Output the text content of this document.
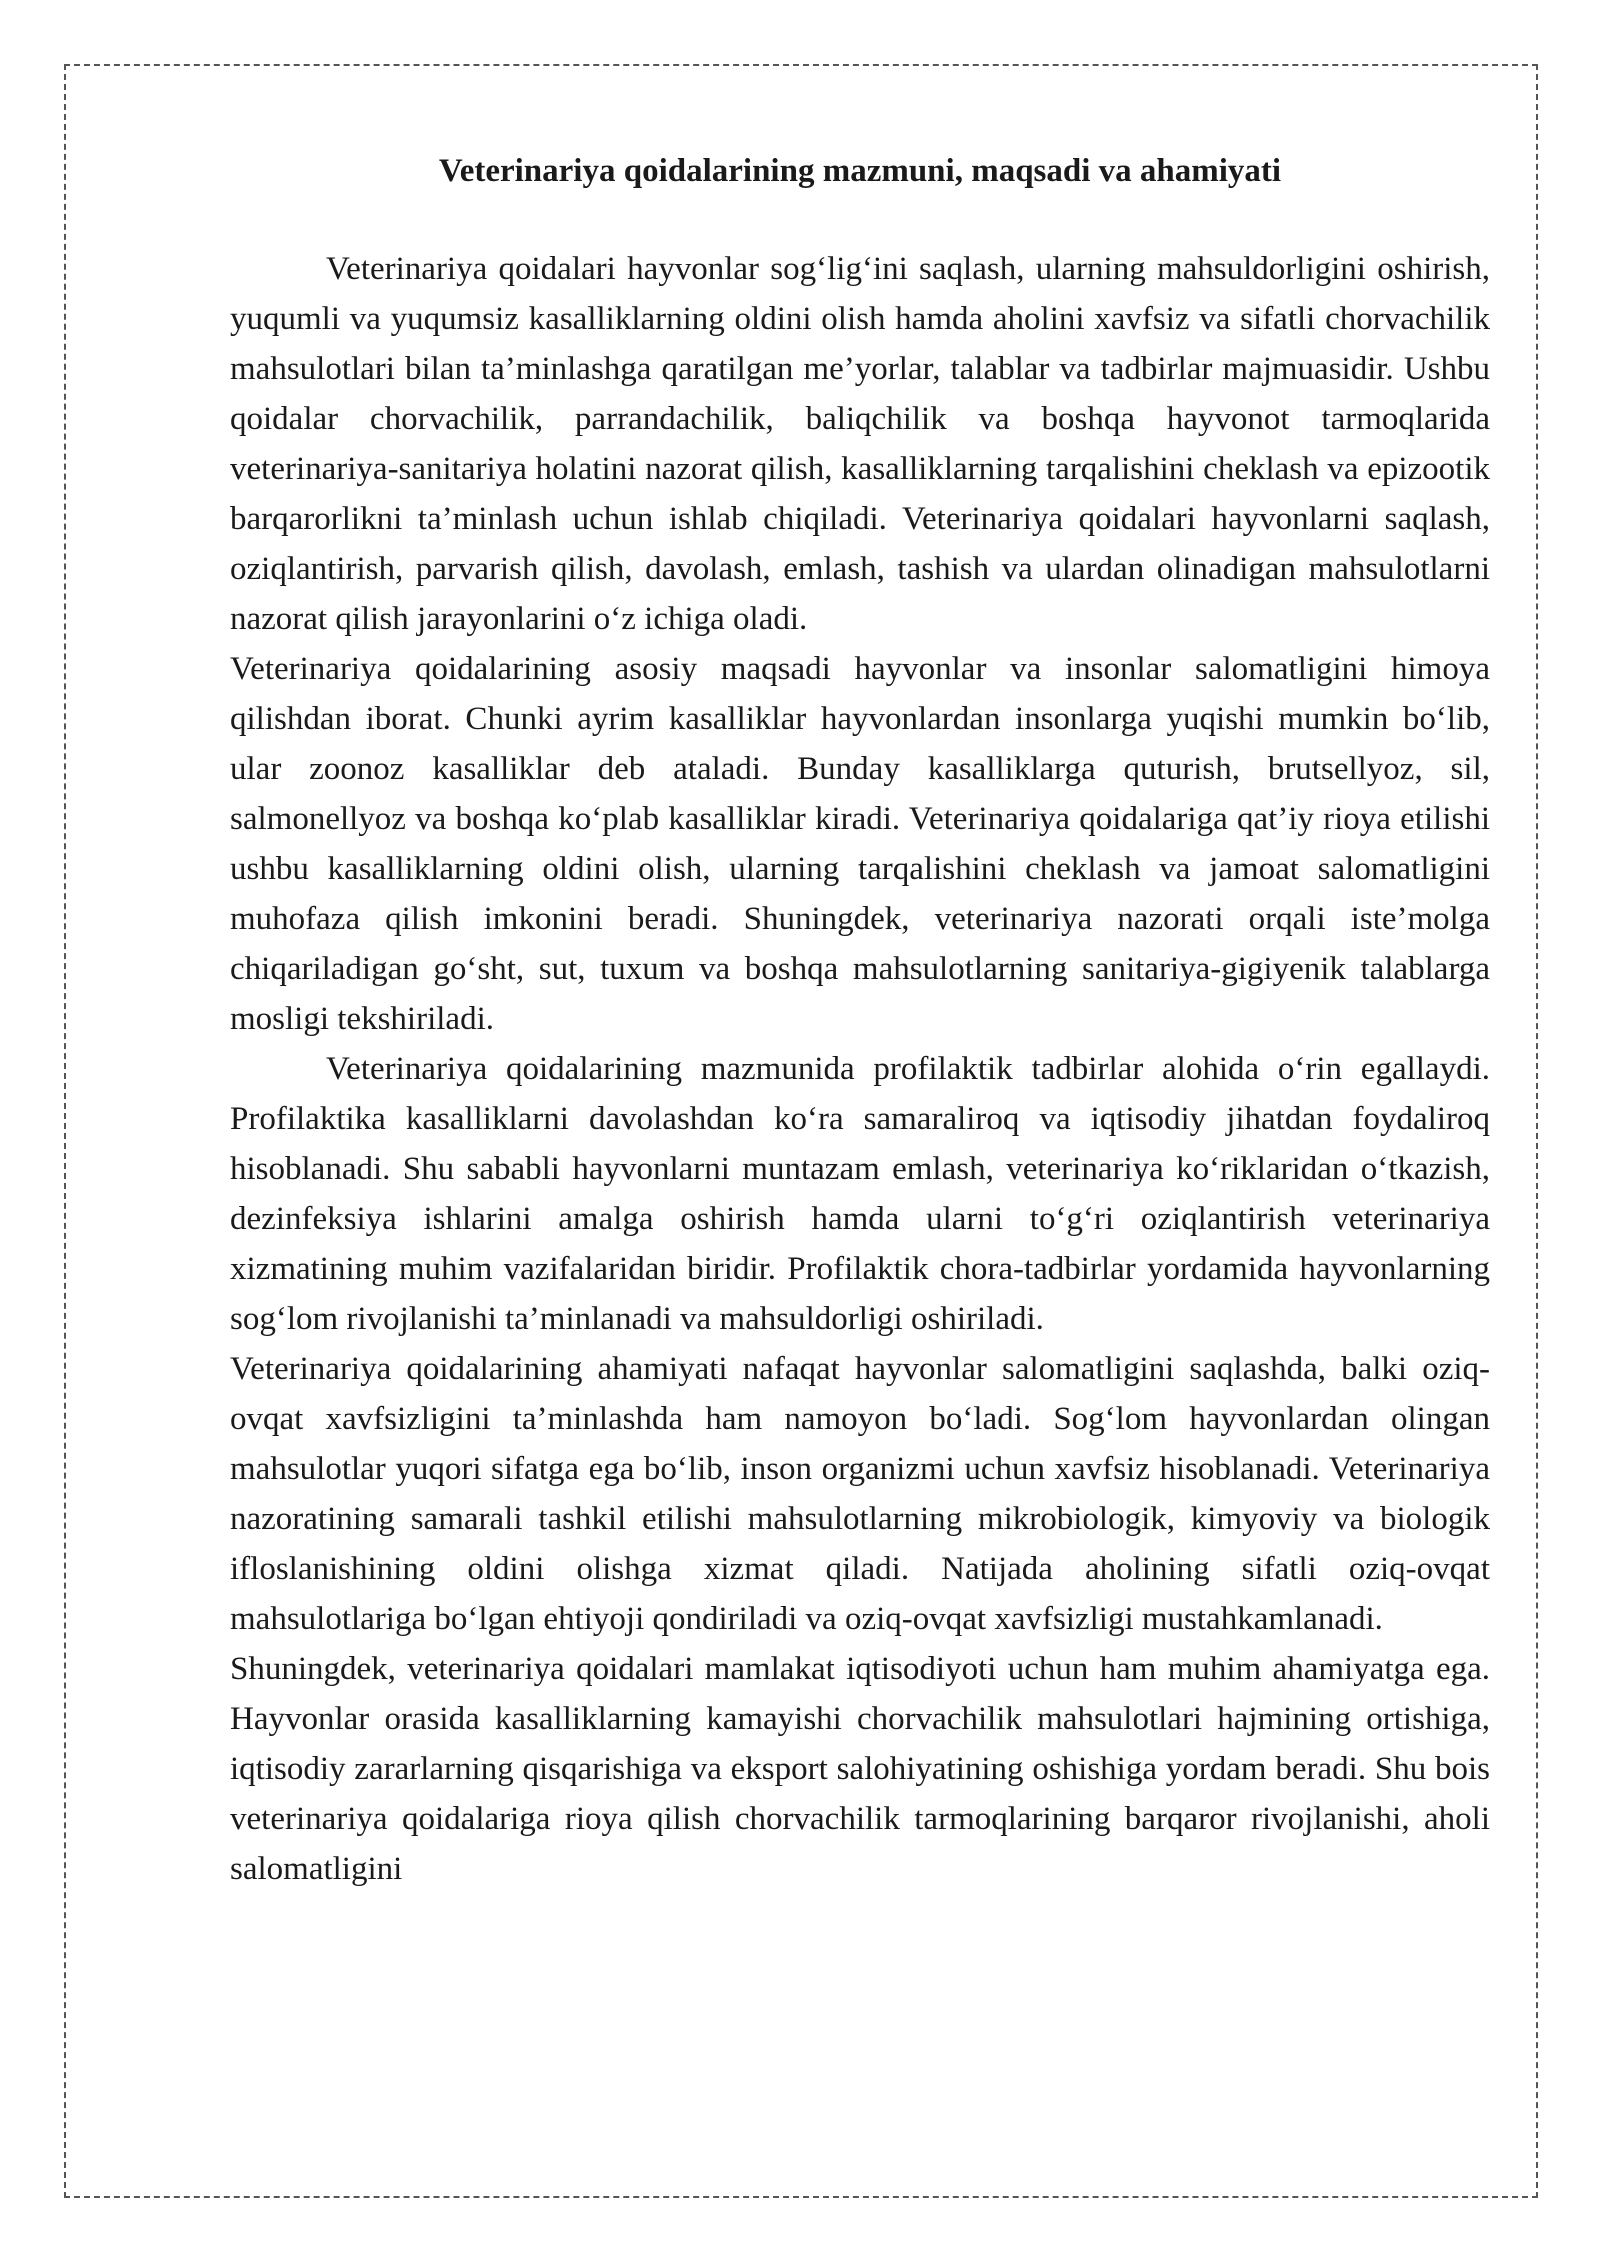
Veterinariya qoidalarining mazmuni, maqsadi va ahamiyati

Veterinariya qoidalari hayvonlar sog‘lig‘ini saqlash, ularning mahsuldorligini oshirish, yuqumli va yuqumsiz kasalliklarning oldini olish hamda aholini xavfsiz va sifatli chorvachilik mahsulotlari bilan ta’minlashga qaratilgan me’yorlar, talablar va tadbirlar majmuasidir. Ushbu qoidalar chorvachilik, parrandachilik, baliqchilik va boshqa hayvonot tarmoqlarida veterinariya-sanitariya holatini nazorat qilish, kasalliklarning tarqalishini cheklash va epizootik barqarorlikni ta’minlash uchun ishlab chiqiladi. Veterinariya qoidalari hayvonlarni saqlash, oziqlantirish, parvarish qilish, davolash, emlash, tashish va ulardan olinadigan mahsulotlarni nazorat qilish jarayonlarini o‘z ichiga oladi.

Veterinariya qoidalarining asosiy maqsadi hayvonlar va insonlar salomatligini himoya qilishdan iborat. Chunki ayrim kasalliklar hayvonlardan insonlarga yuqishi mumkin bo‘lib, ular zoonoz kasalliklar deb ataladi. Bunday kasalliklarga quturish, brutsellyoz, sil, salmonellyoz va boshqa ko‘plab kasalliklar kiradi. Veterinariya qoidalariga qat’iy rioya etilishi ushbu kasalliklarning oldini olish, ularning tarqalishini cheklash va jamoat salomatligini muhofaza qilish imkonini beradi. Shuningdek, veterinariya nazorati orqali iste’molga chiqariladigan go‘sht, sut, tuxum va boshqa mahsulotlarning sanitariya-gigiyenik talablarga mosligi tekshiriladi.

Veterinariya qoidalarining mazmunida profilaktik tadbirlar alohida o‘rin egallaydi. Profilaktika kasalliklarni davolashdan ko‘ra samaraliroq va iqtisodiy jihatdan foydaliroq hisoblanadi. Shu sababli hayvonlarni muntazam emlash, veterinariya ko‘riklaridan o‘tkazish, dezinfeksiya ishlarini amalga oshirish hamda ularni to‘g‘ri oziqlantirish veterinariya xizmatining muhim vazifalaridan biridir. Profilaktik chora-tadbirlar yordamida hayvonlarning sog‘lom rivojlanishi ta’minlanadi va mahsuldorligi oshiriladi.

Veterinariya qoidalarining ahamiyati nafaqat hayvonlar salomatligini saqlashda, balki oziq-ovqat xavfsizligini ta’minlashda ham namoyon bo‘ladi. Sog‘lom hayvonlardan olingan mahsulotlar yuqori sifatga ega bo‘lib, inson organizmi uchun xavfsiz hisoblanadi. Veterinariya nazoratining samarali tashkil etilishi mahsulotlarning mikrobiologik, kimyoviy va biologik ifloslanishining oldini olishga xizmat qiladi. Natijada aholining sifatli oziq-ovqat mahsulotlariga bo‘lgan ehtiyoji qondiriladi va oziq-ovqat xavfsizligi mustahkamlanadi.

Shuningdek, veterinariya qoidalari mamlakat iqtisodiyoti uchun ham muhim ahamiyatga ega. Hayvonlar orasida kasalliklarning kamayishi chorvachilik mahsulotlari hajmining ortishiga, iqtisodiy zararlarning qisqarishiga va eksport salohiyatining oshishiga yordam beradi. Shu bois veterinariya qoidalariga rioya qilish chorvachilik tarmoqlarining barqaror rivojlanishi, aholi salomatligini
